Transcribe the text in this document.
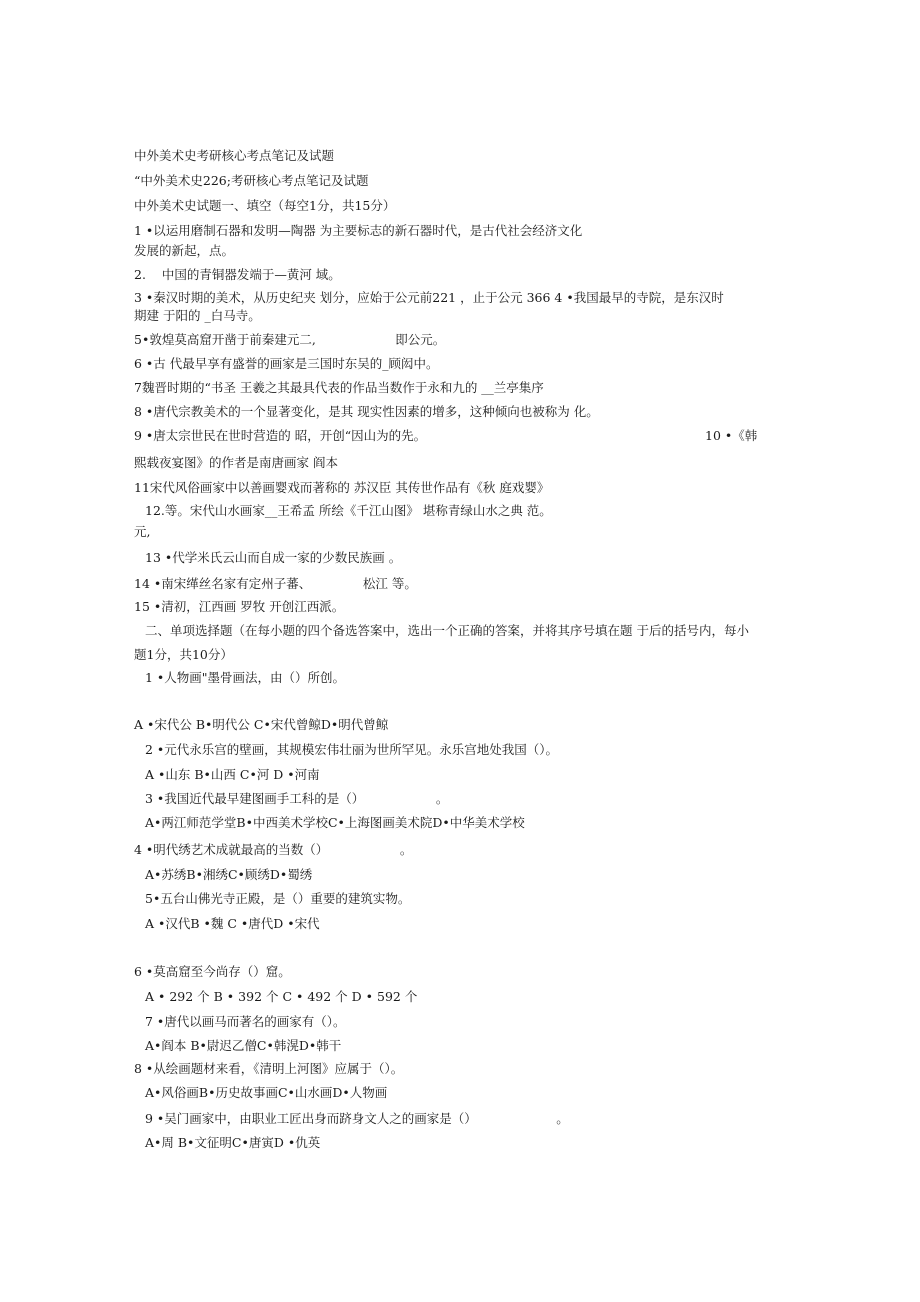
中外美术史考研核心考点笔记及试题
“中外美术史226;考研核心考点笔记及试题
中外美术史试题一、填空（每空1分，共15分）
1 •以运用磨制石器和发明—陶器 为主要标志的新石器时代，是古代社会经济文化
发展的新起，点。
2.    中国的青铜器发端于—黄河 域。
3 •秦汉时期的美术，从历史纪夹 划分，应始于公元前221 ，止于公元 366 4 •我国最早的寺院，是东汉时
期建 于阳的 _白马寺。
5•敦煌莫高窟开凿于前秦建元二,                    即公元。
6 •古 代最早享有盛誉的画家是三国时东吴的_顾闳中。
7魏晋时期的“书圣 王羲之其最具代表的作品当数作于永和九的 __兰亭集序
8 •唐代宗教美术的一个显著变化，是其 现实性因素的增多，这种倾向也被称为 化。
9 •唐太宗世民在世时营造的 昭，开创“因山为的先。	10 •《韩
熙载夜宴图》的作者是南唐画家 阎本
11宋代风俗画家中以善画婴戏而著称的 苏汉臣 其传世作品有《秋 庭戏婴》
12.等。宋代山水画家__王希孟 所绘《千江山图》 堪称青绿山水之典 范。
元,
13 •代学米氏云山而自成一家的少数民族画 。
14 •南宋缂丝名家有定州子蕃、             松江 等。
15 •清初，江西画 罗牧 开创江西派。
二、单项选择题（在每小题的四个备选答案中，选出一个正确的答案，并将其序号填在题 于后的括号内，每小
题1分，共10分）
1 •人物画"墨骨画法，由（）所创。
A •宋代公 B•明代公 C•宋代曾鲸D•明代曾鲸
2 •元代永乐宫的壁画，其规模宏伟壮丽为世所罕见。永乐宫地处我国（）。
A •山东 B•山西 C•河 D •河南
3 •我国近代最早建图画手工科的是（）                  。
A•两江师范学堂B•中西美术学校C•上海图画美术院D•中华美术学校
4 •明代绣艺术成就最高的当数（）                  。
A•苏绣B•湘绣C•顾绣D•蜀绣
5•五台山佛光寺正殿，是（）重要的建筑实物。
A •汉代B •魏 C •唐代D •宋代
6 •莫高窟至今尚存（）窟。
A • 292 个 B • 392 个 C • 492 个 D • 592 个
7 •唐代以画马而著名的画家有（）。
A•阎本 B•尉迟乙僧C•韩滉D•韩干
8 •从绘画题材来看，《清明上河图》应属于（）。
A•风俗画B•历史故事画C•山水画D•人物画
9 •吴门画家中，由职业工匠出身而跻身文人之的画家是（）                    。
A•周 B•文征明C•唐寅D •仇英
